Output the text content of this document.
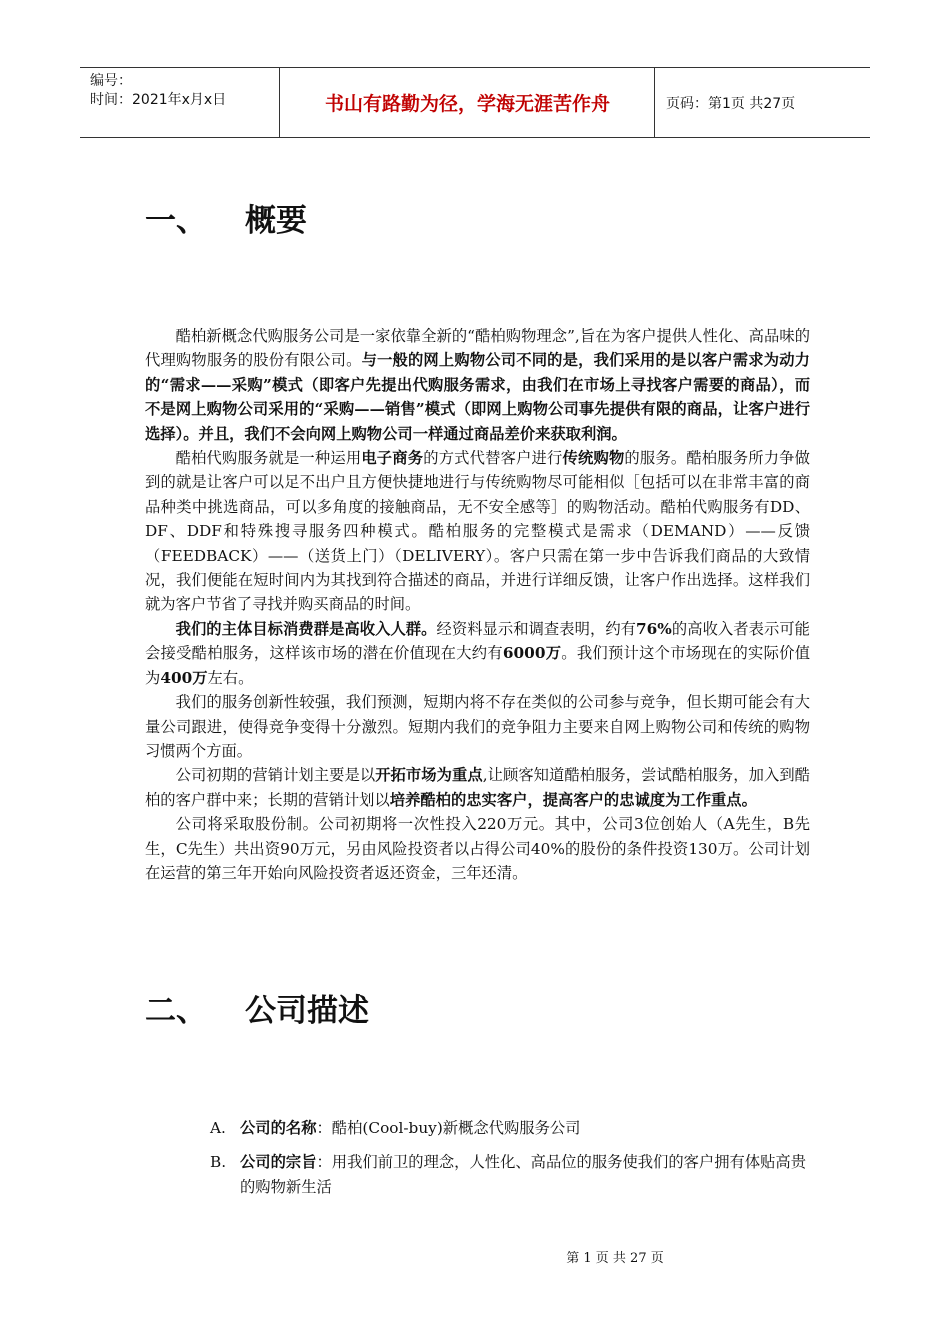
编号：
时间：2021年x月x日	书山有路勤为径，学海无涯苦作舟	页码：第1页 共27页
一、	概要

酷柏新概念代购服务公司是一家依靠全新的“酷柏购物理念”,旨在为客户提供人性化、高品味的代理购物服务的股份有限公司。与一般的网上购物公司不同的是，我们采用的是以客户需求为动力的“需求——采购”模式（即客户先提出代购服务需求，由我们在市场上寻找客户需要的商品），而不是网上购物公司采用的“采购——销售”模式（即网上购物公司事先提供有限的商品，让客户进行选择）。并且，我们不会向网上购物公司一样通过商品差价来获取利润。

酷柏代购服务就是一种运用电子商务的方式代替客户进行传统购物的服务。酷柏服务所力争做到的就是让客户可以足不出户且方便快捷地进行与传统购物尽可能相似［包括可以在非常丰富的商品种类中挑选商品，可以多角度的接触商品，无不安全感等］的购物活动。酷柏代购服务有DD、DF、DDF和特殊搜寻服务四种模式。酷柏服务的完整模式是需求（DEMAND）——反馈（FEEDBACK）——（送货上门）（DELIVERY）。客户只需在第一步中告诉我们商品的大致情况，我们便能在短时间内为其找到符合描述的商品，并进行详细反馈，让客户作出选择。这样我们就为客户节省了寻找并购买商品的时间。

我们的主体目标消费群是高收入人群。经资料显示和调查表明，约有76%的高收入者表示可能会接受酷柏服务，这样该市场的潜在价值现在大约有6000万。我们预计这个市场现在的实际价值为400万左右。

我们的服务创新性较强，我们预测，短期内将不存在类似的公司参与竞争，但长期可能会有大量公司跟进，使得竞争变得十分激烈。短期内我们的竞争阻力主要来自网上购物公司和传统的购物习惯两个方面。

公司初期的营销计划主要是以开拓市场为重点,让顾客知道酷柏服务，尝试酷柏服务，加入到酷柏的客户群中来；长期的营销计划以培养酷柏的忠实客户，提高客户的忠诚度为工作重点。

公司将采取股份制。公司初期将一次性投入220万元。其中，公司3位创始人（A先生，B先生，C先生）共出资90万元，另由风险投资者以占得公司40%的股份的条件投资130万。公司计划在运营的第三年开始向风险投资者返还资金，三年还清。

二、	公司描述
A. 公司的名称：酷柏(Cool-buy)新概念代购服务公司
B. 公司的宗旨：用我们前卫的理念，人性化、高品位的服务使我们的客户拥有体贴高贵的购物新生活
第 1 页 共 27 页
